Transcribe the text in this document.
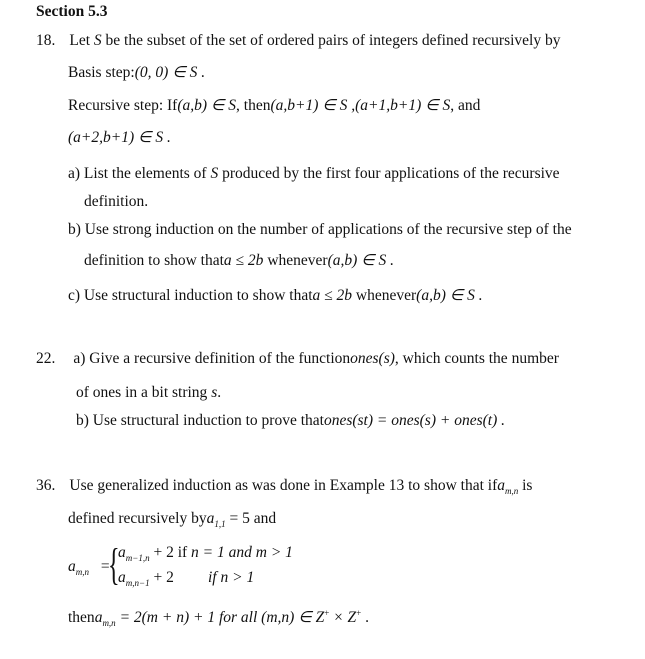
Section 5.3
18. Let S be the subset of the set of ordered pairs of integers defined recursively by
Basis step:(0, 0) ∈ S .
Recursive step: If(a,b) ∈ S, then(a,b+1) ∈ S ,(a+1,b+1) ∈ S, and
(a+2,b+1) ∈ S .
a) List the elements of S produced by the first four applications of the recursive
definition.
b) Use strong induction on the number of applications of the recursive step of the
definition to show thata ≤ 2b whenever(a,b) ∈ S .
c) Use structural induction to show thata ≤ 2b whenever(a,b) ∈ S .
22. a) Give a recursive definition of the functionones(s), which counts the number
of ones in a bit string s.
b) Use structural induction to prove thatones(st) = ones(s) + ones(t) .
36. Use generalized induction as was done in Example 13 to show that ifa$_{m,n}$ is
defined recursively bya$_{1,1}$ = 5 and
$a_{m,n}$ =
{
$a_{m-1,n} + 2$ if n = 1 and m > 1
$a_{m,n-1} + 2$ if n > 1
thena$_{m,n}$ = 2(m + n) + 1 for all (m,n) ∈ Z+ × Z+ .
